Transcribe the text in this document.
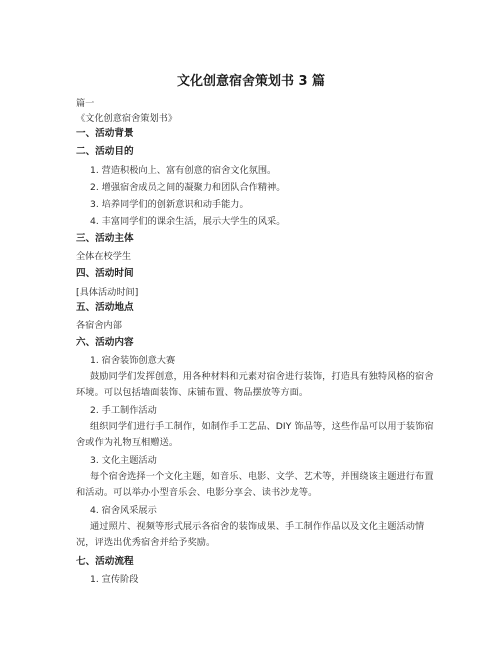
文化创意宿舍策划书 3 篇
篇一
《文化创意宿舍策划书》
一、活动背景
二、活动目的
1. 营造积极向上、富有创意的宿舍文化氛围。
2. 增强宿舍成员之间的凝聚力和团队合作精神。
3. 培养同学们的创新意识和动手能力。
4. 丰富同学们的课余生活，展示大学生的风采。
三、活动主体
全体在校学生
四、活动时间
[具体活动时间]
五、活动地点
各宿舍内部
六、活动内容
1. 宿舍装饰创意大赛
鼓励同学们发挥创意，用各种材料和元素对宿舍进行装饰，打造具有独特风格的宿舍环境。可以包括墙面装饰、床铺布置、物品摆放等方面。
2. 手工制作活动
组织同学们进行手工制作，如制作手工艺品、DIY 饰品等，这些作品可以用于装饰宿舍或作为礼物互相赠送。
3. 文化主题活动
每个宿舍选择一个文化主题，如音乐、电影、文学、艺术等，并围绕该主题进行布置和活动。可以举办小型音乐会、电影分享会、读书沙龙等。
4. 宿舍风采展示
通过照片、视频等形式展示各宿舍的装饰成果、手工制作作品以及文化主题活动情况，评选出优秀宿舍并给予奖励。
七、活动流程
1. 宣传阶段
